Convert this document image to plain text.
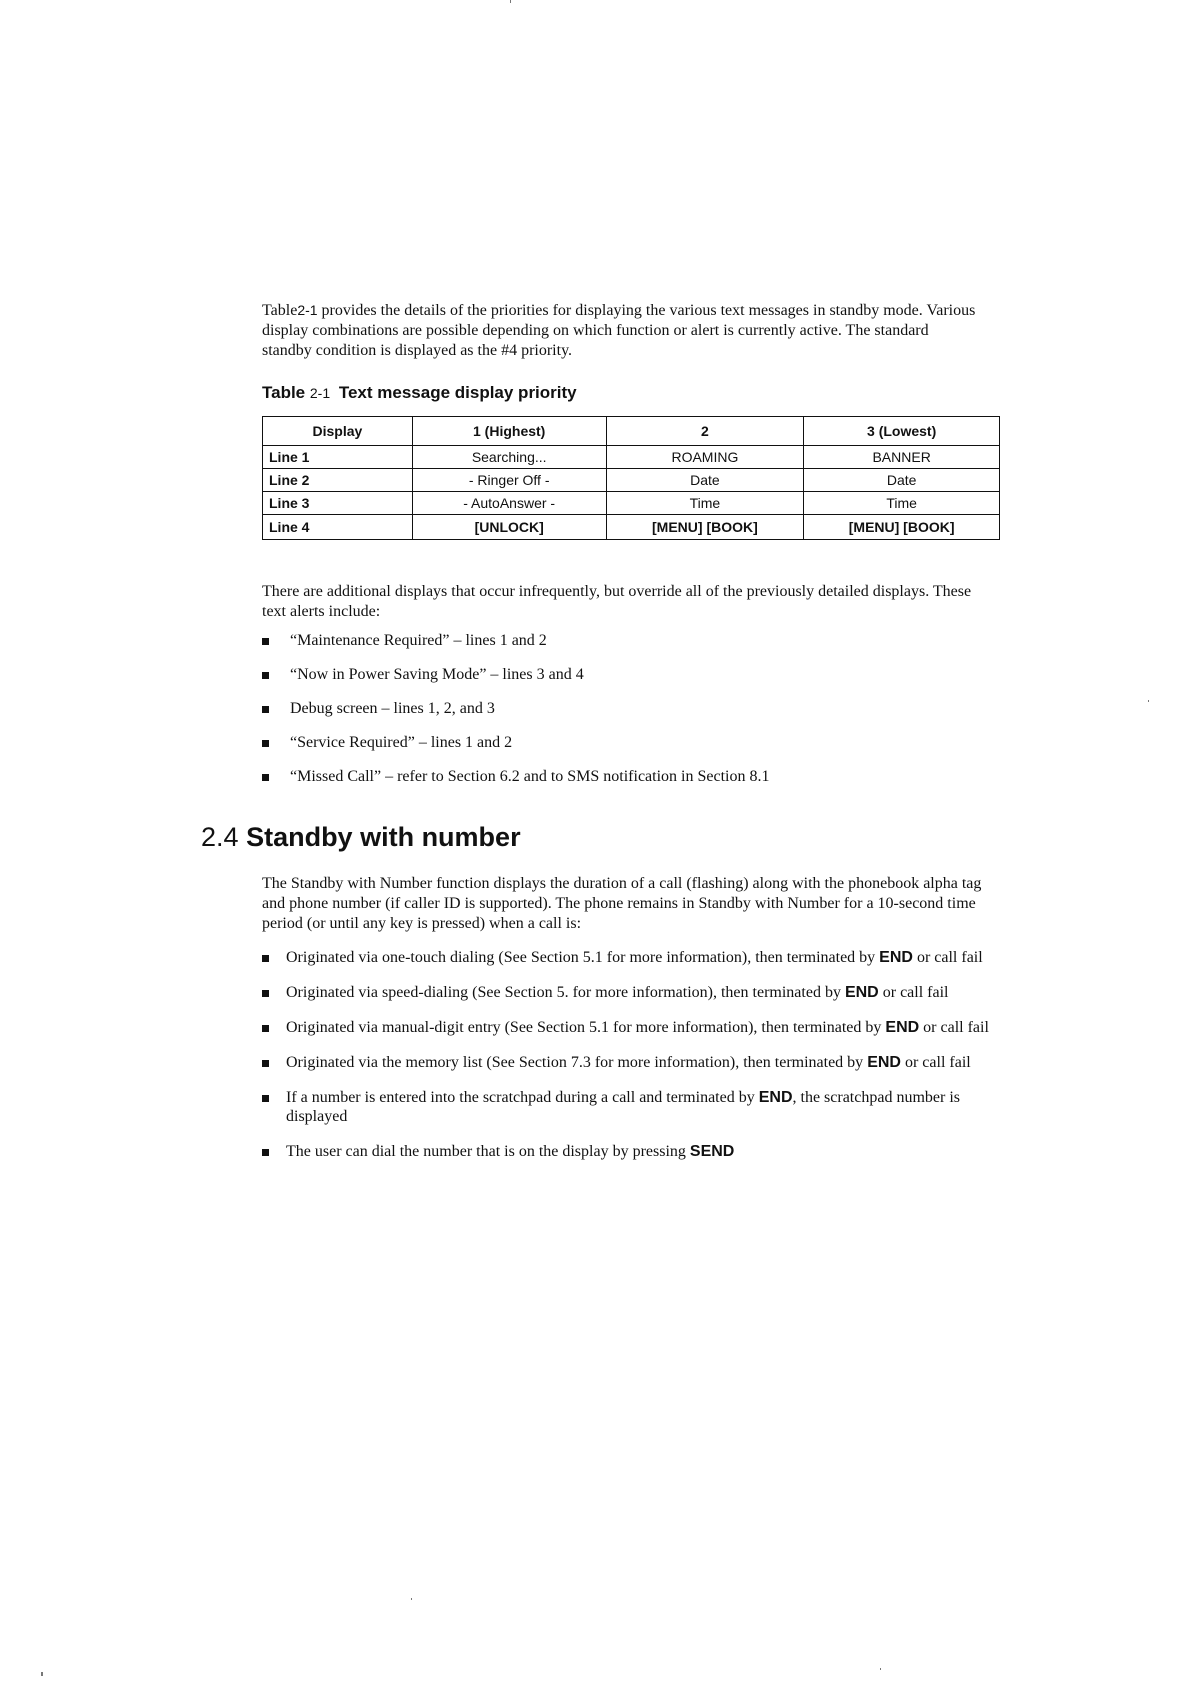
Table2-1 provides the details of the priorities for displaying the various text messages in standby mode. Various display combinations are possible depending on which function or alert is currently active. The standard standby condition is displayed as the #4 priority.

Table 2-1 Text message display priority
Display	1 (Highest)	2	3 (Lowest)
Line 1	Searching...	ROAMING	BANNER
Line 2	- Ringer Off -	Date	Date
Line 3	- AutoAnswer -	Time	Time
Line 4	[UNLOCK]	[MENU] [BOOK]	[MENU] [BOOK]

There are additional displays that occur infrequently, but override all of the previously detailed displays. These text alerts include:

“Maintenance Required” – lines 1 and 2
“Now in Power Saving Mode” – lines 3 and 4
Debug screen – lines 1, 2, and 3
“Service Required” – lines 1 and 2
“Missed Call” – refer to Section 6.2 and to SMS notification in Section 8.1
2.4 Standby with number

The Standby with Number function displays the duration of a call (flashing) along with the phonebook alpha tag and phone number (if caller ID is supported). The phone remains in Standby with Number for a 10-second time period (or until any key is pressed) when a call is:

Originated via one-touch dialing (See Section 5.1 for more information), then terminated by END or call fail
Originated via speed-dialing (See Section 5. for more information), then terminated by END or call fail
Originated via manual-digit entry (See Section 5.1 for more information), then terminated by END or call fail
Originated via the memory list (See Section 7.3 for more information), then terminated by END or call fail
If a number is entered into the scratchpad during a call and terminated by END, the scratchpad number is displayed
The user can dial the number that is on the display by pressing SEND
